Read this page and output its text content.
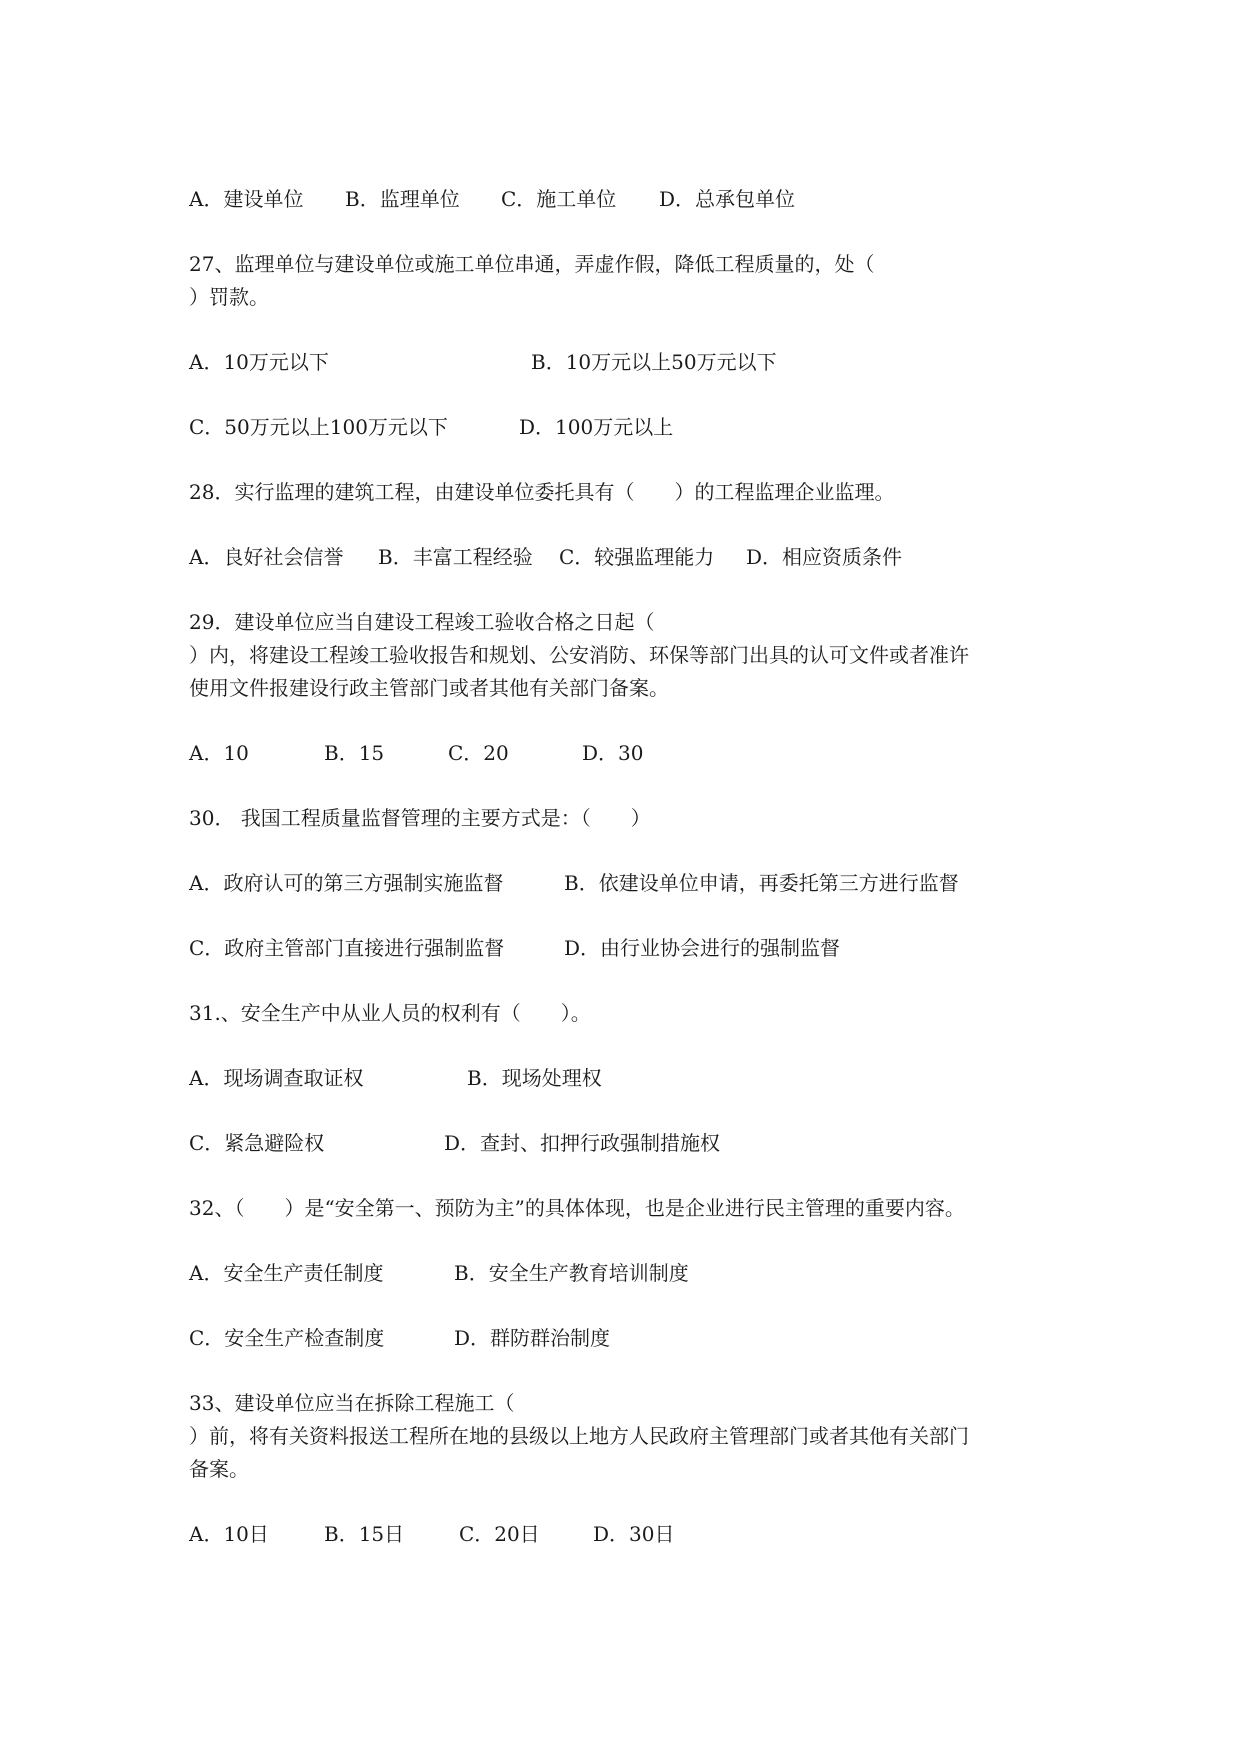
A．建设单位 B．监理单位 C．施工单位 D．总承包单位
27、监理单位与建设单位或施工单位串通，弄虚作假，降低工程质量的，处（
）罚款。
A．10万元以下	B．10万元以上50万元以下
C．50万元以上100万元以下	D．100万元以上
28．实行监理的建筑工程，由建设单位委托具有（　　）的工程监理企业监理。
A．良好社会信誉 B．丰富工程经验 C．较强监理能力 D．相应资质条件
29．建设单位应当自建设工程竣工验收合格之日起（
）内，将建设工程竣工验收报告和规划、公安消防、环保等部门出具的认可文件或者准许
使用文件报建设行政主管部门或者其他有关部门备案。
A．10	B．15	C．20	D．30
30． 我国工程质量监督管理的主要方式是：（　　）
A．政府认可的第三方强制实施监督	B．依建设单位申请，再委托第三方进行监督
C．政府主管部门直接进行强制监督	D．由行业协会进行的强制监督
31.、安全生产中从业人员的权利有（　　）。
A．现场调查取证权	B．现场处理权
C．紧急避险权	D．查封、扣押行政强制措施权
32、（　　）是“安全第一、预防为主”的具体体现，也是企业进行民主管理的重要内容。
A．安全生产责任制度	B．安全生产教育培训制度
C．安全生产检查制度	D．群防群治制度
33、建设单位应当在拆除工程施工（
）前，将有关资料报送工程所在地的县级以上地方人民政府主管理部门或者其他有关部门
备案。
A．10日	B．15日	C．20日	D．30日
